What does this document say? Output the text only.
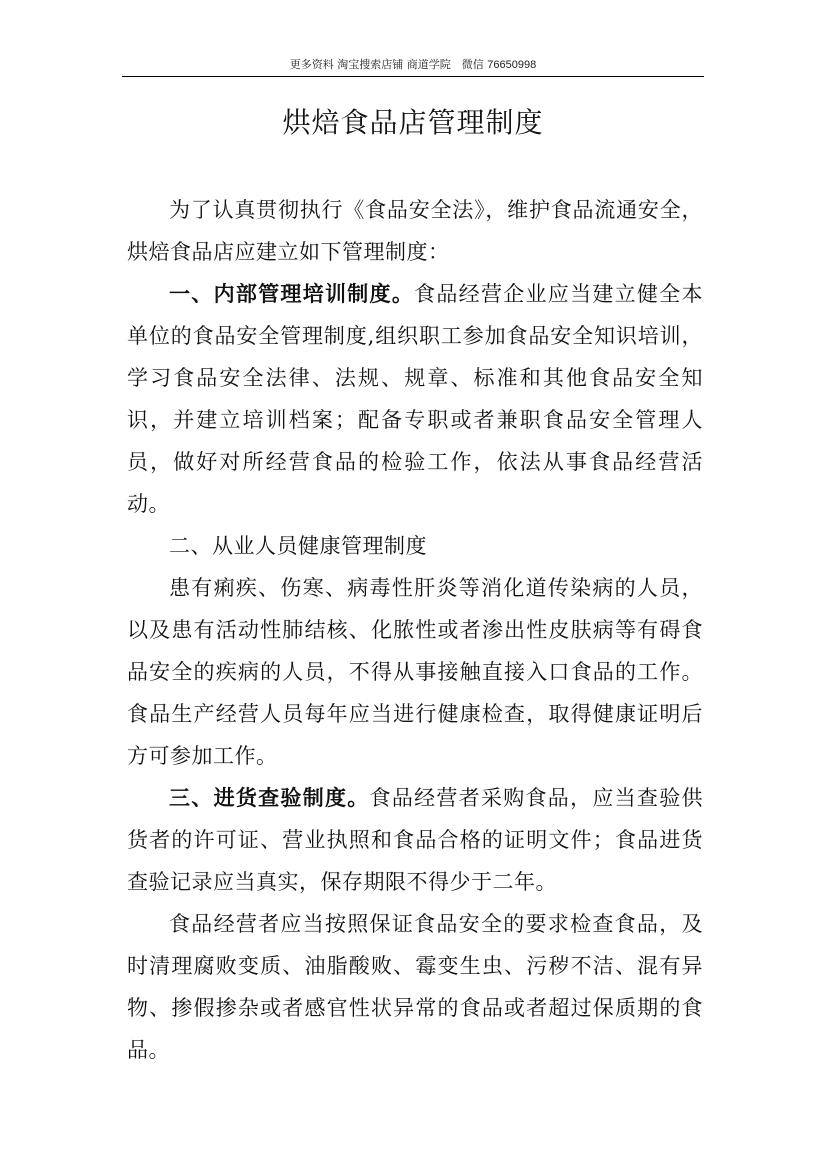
更多资料 淘宝搜索店铺 商道学院　微信 76650998
烘焙食品店管理制度

为了认真贯彻执行《食品安全法》，维护食品流通安全，烘焙食品店应建立如下管理制度：

一、内部管理培训制度。食品经营企业应当建立健全本单位的食品安全管理制度,组织职工参加食品安全知识培训，学习食品安全法律、法规、规章、标准和其他食品安全知识，并建立培训档案；配备专职或者兼职食品安全管理人员，做好对所经营食品的检验工作，依法从事食品经营活动。

二、从业人员健康管理制度

患有痢疾、伤寒、病毒性肝炎等消化道传染病的人员，以及患有活动性肺结核、化脓性或者渗出性皮肤病等有碍食品安全的疾病的人员，不得从事接触直接入口食品的工作。食品生产经营人员每年应当进行健康检查，取得健康证明后方可参加工作。

三、进货查验制度。食品经营者采购食品，应当查验供货者的许可证、营业执照和食品合格的证明文件；食品进货查验记录应当真实，保存期限不得少于二年。

食品经营者应当按照保证食品安全的要求检查食品，及时清理腐败变质、油脂酸败、霉变生虫、污秽不洁、混有异物、掺假掺杂或者感官性状异常的食品或者超过保质期的食品。
